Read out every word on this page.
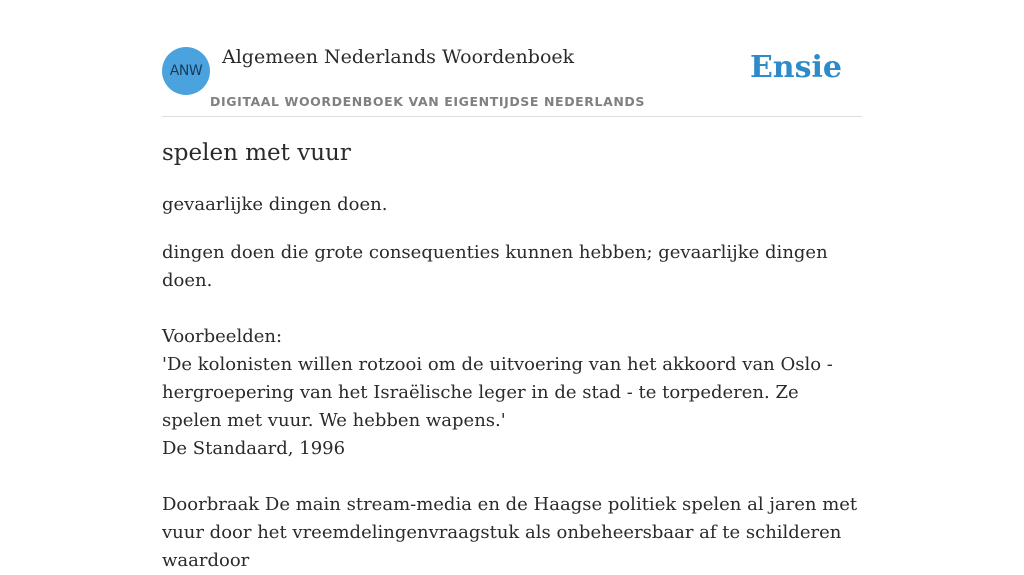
ANW
Algemeen Nederlands Woordenboek
DIGITAAL WOORDENBOEK VAN EIGENTIJDSE NEDERLANDS
Ensie
spelen met vuur

gevaarlijke dingen doen.

dingen doen die grote consequenties kunnen hebben; gevaarlijke dingen doen.

Voorbeelden:

'De kolonisten willen rotzooi om de uitvoering van het akkoord van Oslo - hergroepering van het Israëlische leger in de stad - te torpederen. Ze spelen met vuur. We hebben wapens.'

De Standaard, 1996

Doorbraak De main stream-media en de Haagse politiek spelen al jaren met vuur door het vreemdelingenvraagstuk als onbeheersbaar af te schilderen waardoor
